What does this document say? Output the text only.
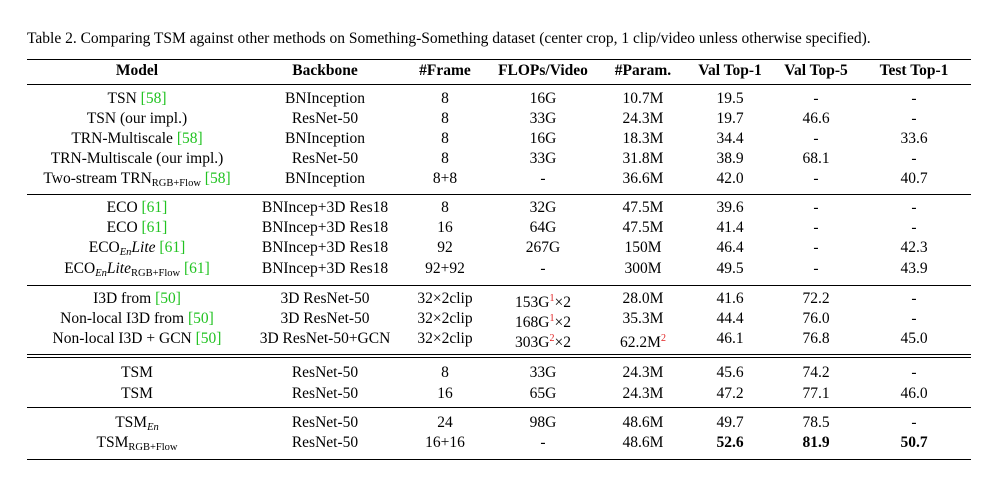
Table 2. Comparing TSM against other methods on Something-Something dataset (center crop, 1 clip/video unless otherwise specified).
Model	Backbone	#Frame	FLOPs/Video	#Param.	Val Top-1	Val Top-5	Test Top-1
TSN [58]	BNInception	8	16G	10.7M	19.5	-	-
TSN (our impl.)	ResNet-50	8	33G	24.3M	19.7	46.6	-
TRN-Multiscale [58]	BNInception	8	16G	18.3M	34.4	-	33.6
TRN-Multiscale (our impl.)	ResNet-50	8	33G	31.8M	38.9	68.1	-
Two-stream TRNRGB+Flow [58]	BNInception	8+8	-	36.6M	42.0	-	40.7
ECO [61]	BNIncep+3D Res18	8	32G	47.5M	39.6	-	-
ECO [61]	BNIncep+3D Res18	16	64G	47.5M	41.4	-	-
ECOEnLite [61]	BNIncep+3D Res18	92	267G	150M	46.4	-	42.3
ECOEnLiteRGB+Flow [61]	BNIncep+3D Res18	92+92	-	300M	49.5	-	43.9
I3D from [50]	3D ResNet-50	32×2clip	153G$^1$×2	28.0M	41.6	72.2	-
Non-local I3D from [50]	3D ResNet-50	32×2clip	168G$^1$×2	35.3M	44.4	76.0	-
Non-local I3D + GCN [50]	3D ResNet-50+GCN	32×2clip	303G$^2$×2	62.2M$^2$	46.1	76.8	45.0
TSM	ResNet-50	8	33G	24.3M	45.6	74.2	-
TSM	ResNet-50	16	65G	24.3M	47.2	77.1	46.0
TSMEn	ResNet-50	24	98G	48.6M	49.7	78.5	-
TSMRGB+Flow	ResNet-50	16+16	-	48.6M	52.6	81.9	50.7
